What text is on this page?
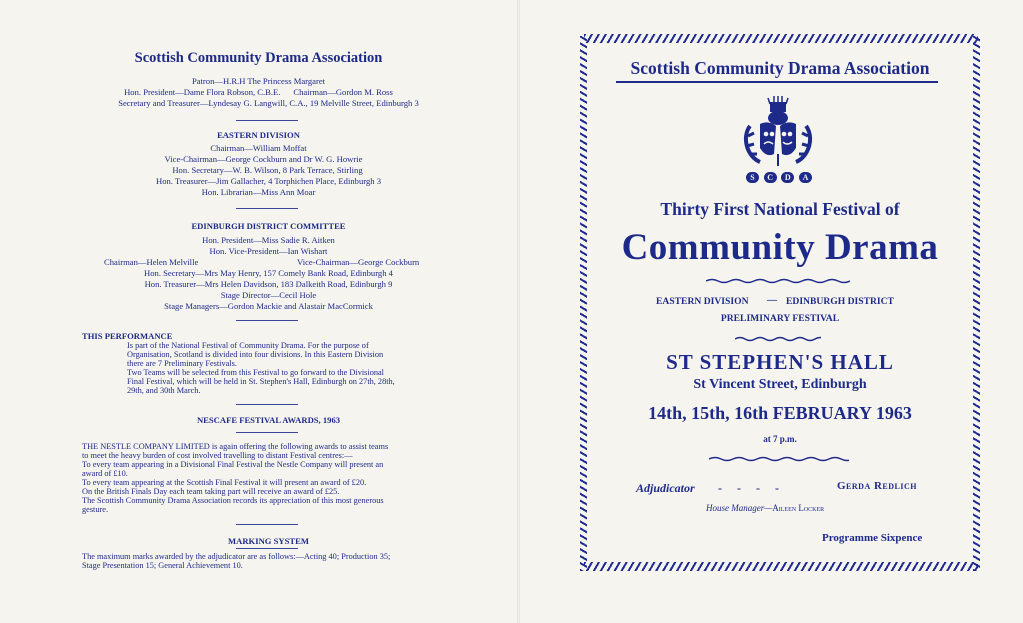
Scottish Community Drama Association
Patron—H.R.H The Princess Margaret
Hon. President—Dame Flora Robson, C.B.E.      Chairman—Gordon M. Ross
Secretary and Treasurer—Lyndesay G. Langwill, C.A., 19 Melville Street, Edinburgh 3
EASTERN DIVISION
Chairman—William Moffat
Vice-Chairman—George Cockburn and Dr W. G. Howrie
Hon. Secretary—W. B. Wilson, 8 Park Terrace, Stirling
Hon. Treasurer—Jim Gallacher, 4 Torphichen Place, Edinburgh 3
Hon. Librarian—Miss Ann Moar
EDINBURGH DISTRICT COMMITTEE
Hon. President—Miss Sadie R. Aitken
Hon. Vice-President—Ian Wishart
Chairman—Helen Melville	Vice-Chairman—George Cockburn
Hon. Secretary—Mrs May Henry, 157 Comely Bank Road, Edinburgh 4
Hon. Treasurer—Mrs Helen Davidson, 183 Dalkeith Road, Edinburgh 9
Stage Director—Cecil Hole
Stage Managers—Gordon Mackie and Alastair MacCormick
THIS PERFORMANCE
Is part of the National Festival of Community Drama. For the purpose of
Organisation, Scotland is divided into four divisions. In this Eastern Division
there are 7 Preliminary Festivals.
Two Teams will be selected from this Festival to go forward to the Divisional
Final Festival, which will be held in St. Stephen's Hall, Edinburgh on 27th, 28th,
29th, and 30th March.
NESCAFE FESTIVAL AWARDS, 1963
THE NESTLE COMPANY LIMITED is again offering the following awards to assist teams
to meet the heavy burden of cost involved travelling to distant Festival centres:—
To every team appearing in a Divisional Final Festival the Nestle Company will present an
award of £10.
To every team appearing at the Scottish Final Festival it will present an award of £20.
On the British Finals Day each team taking part will receive an award of £25.
The Scottish Community Drama Association records its appreciation of this most generous
gesture.
MARKING SYSTEM
The maximum marks awarded by the adjudicator are as follows:—Acting 40; Production 35;
Stage Presentation 15; General Achievement 10.
Scottish Community Drama Association
S	C	D	A
Thirty First National Festival of
Community Drama
EASTERN DIVISION — EDINBURGH DISTRICT
PRELIMINARY FESTIVAL
ST STEPHEN'S HALL
St Vincent Street, Edinburgh
14th, 15th, 16th FEBRUARY 1963
at 7 p.m.
Adjudicator -     -     -     -	Gerda Redlich
House Manager—Aileen Locker
Programme Sixpence
